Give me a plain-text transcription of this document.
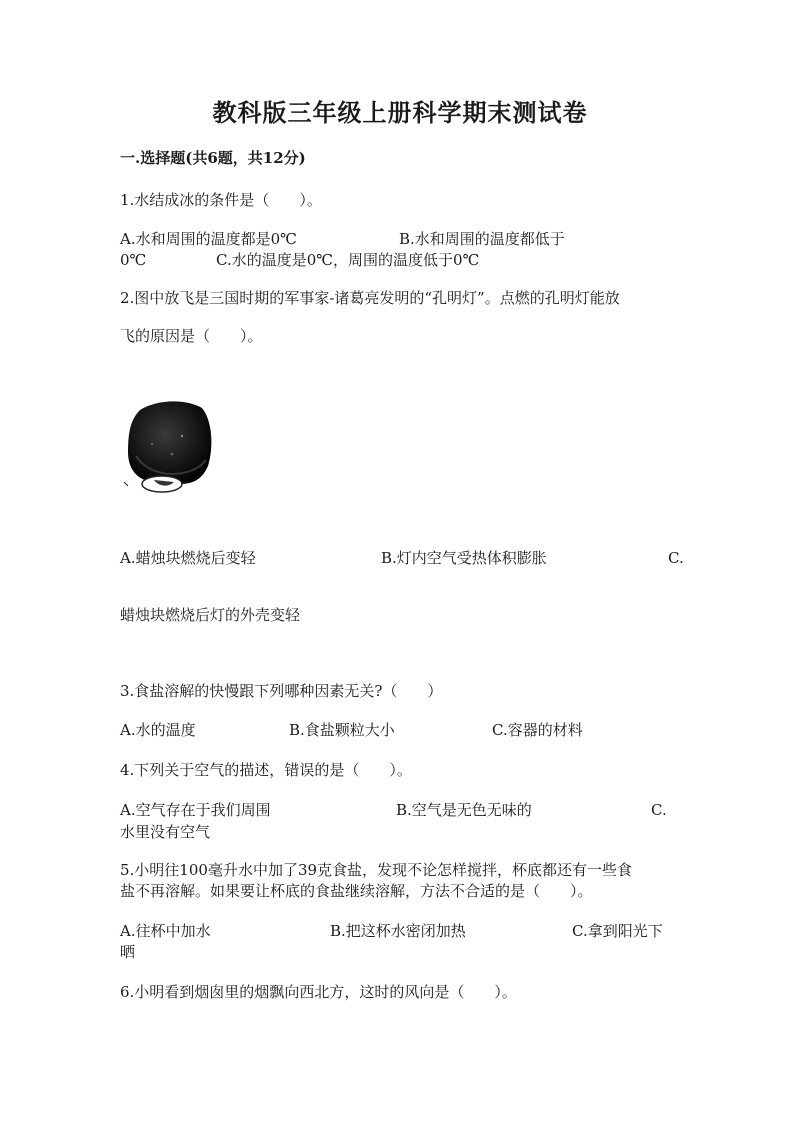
教科版三年级上册科学期末测试卷
一.选择题(共6题，共12分)
1.水结成冰的条件是（　　）。
A.水和周围的温度都是0℃	B.水和周围的温度都低于
0℃	C.水的温度是0℃，周围的温度低于0℃
2.图中放飞是三国时期的军事家-诸葛亮发明的“孔明灯”。点燃的孔明灯能放
飞的原因是（　　）。
A.蜡烛块燃烧后变轻	B.灯内空气受热体积膨胀	C.
蜡烛块燃烧后灯的外壳变轻
3.食盐溶解的快慢跟下列哪种因素无关?（　　）
A.水的温度	B.食盐颗粒大小	C.容器的材料
4.下列关于空气的描述，错误的是（　　）。
A.空气存在于我们周围	B.空气是无色无味的	C.
水里没有空气
5.小明往100毫升水中加了39克食盐，发现不论怎样搅拌，杯底都还有一些食
盐不再溶解。如果要让杯底的食盐继续溶解，方法不合适的是（　　）。
A.往杯中加水	B.把这杯水密闭加热	C.拿到阳光下
晒
6.小明看到烟囱里的烟飘向西北方，这时的风向是（　　）。
